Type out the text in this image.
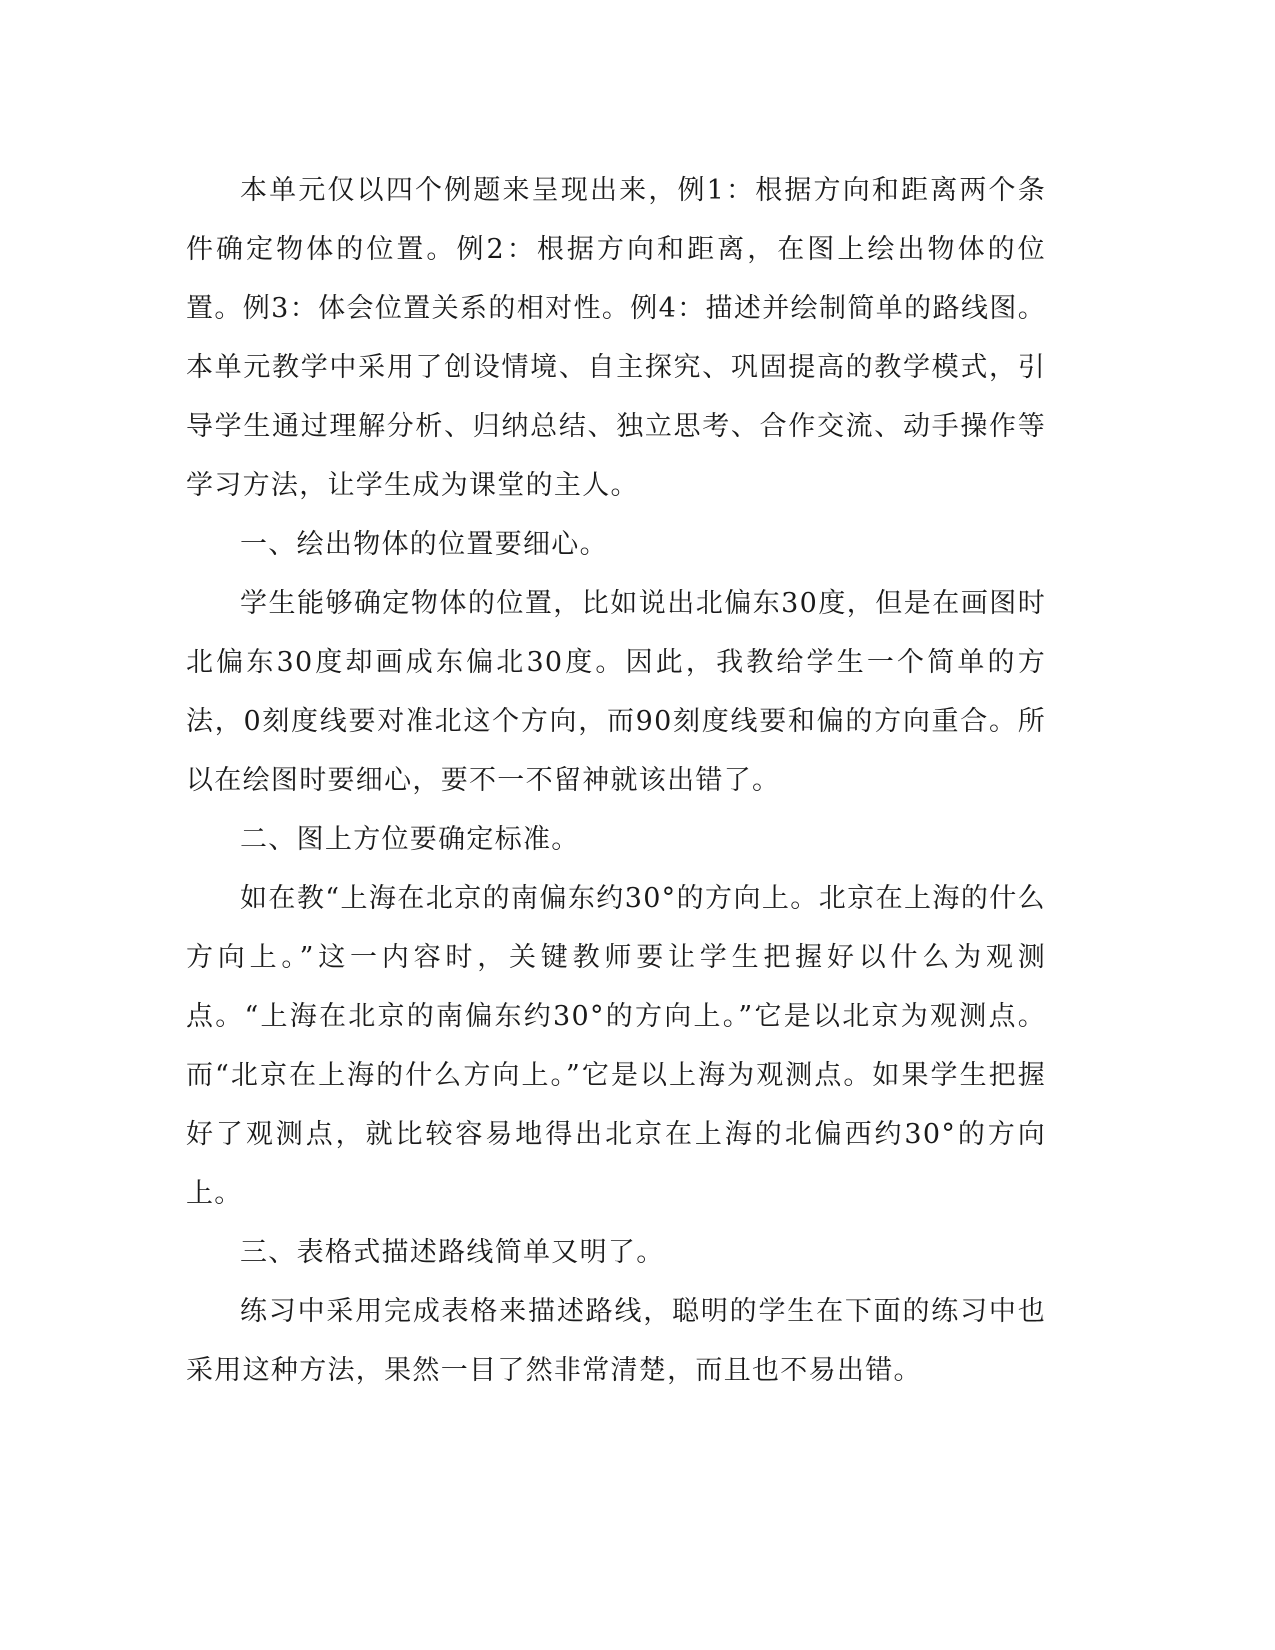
本单元仅以四个例题来呈现出来，例1：根据方向和距离两个条件确定物体的位置。例2：根据方向和距离，在图上绘出物体的位置。例3：体会位置关系的相对性。例4：描述并绘制简单的路线图。本单元教学中采用了创设情境、自主探究、巩固提高的教学模式，引导学生通过理解分析、归纳总结、独立思考、合作交流、动手操作等学习方法，让学生成为课堂的主人。

一、绘出物体的位置要细心。

学生能够确定物体的位置，比如说出北偏东30度，但是在画图时北偏东30度却画成东偏北30度。因此，我教给学生一个简单的方法，0刻度线要对准北这个方向，而90刻度线要和偏的方向重合。所以在绘图时要细心，要不一不留神就该出错了。

二、图上方位要确定标准。

如在教“上海在北京的南偏东约30°的方向上。北京在上海的什么方向上。”这一内容时，关键教师要让学生把握好以什么为观测点。“上海在北京的南偏东约30°的方向上。”它是以北京为观测点。而“北京在上海的什么方向上。”它是以上海为观测点。如果学生把握好了观测点，就比较容易地得出北京在上海的北偏西约30°的方向上。

三、表格式描述路线简单又明了。

练习中采用完成表格来描述路线，聪明的学生在下面的练习中也采用这种方法，果然一目了然非常清楚，而且也不易出错。
